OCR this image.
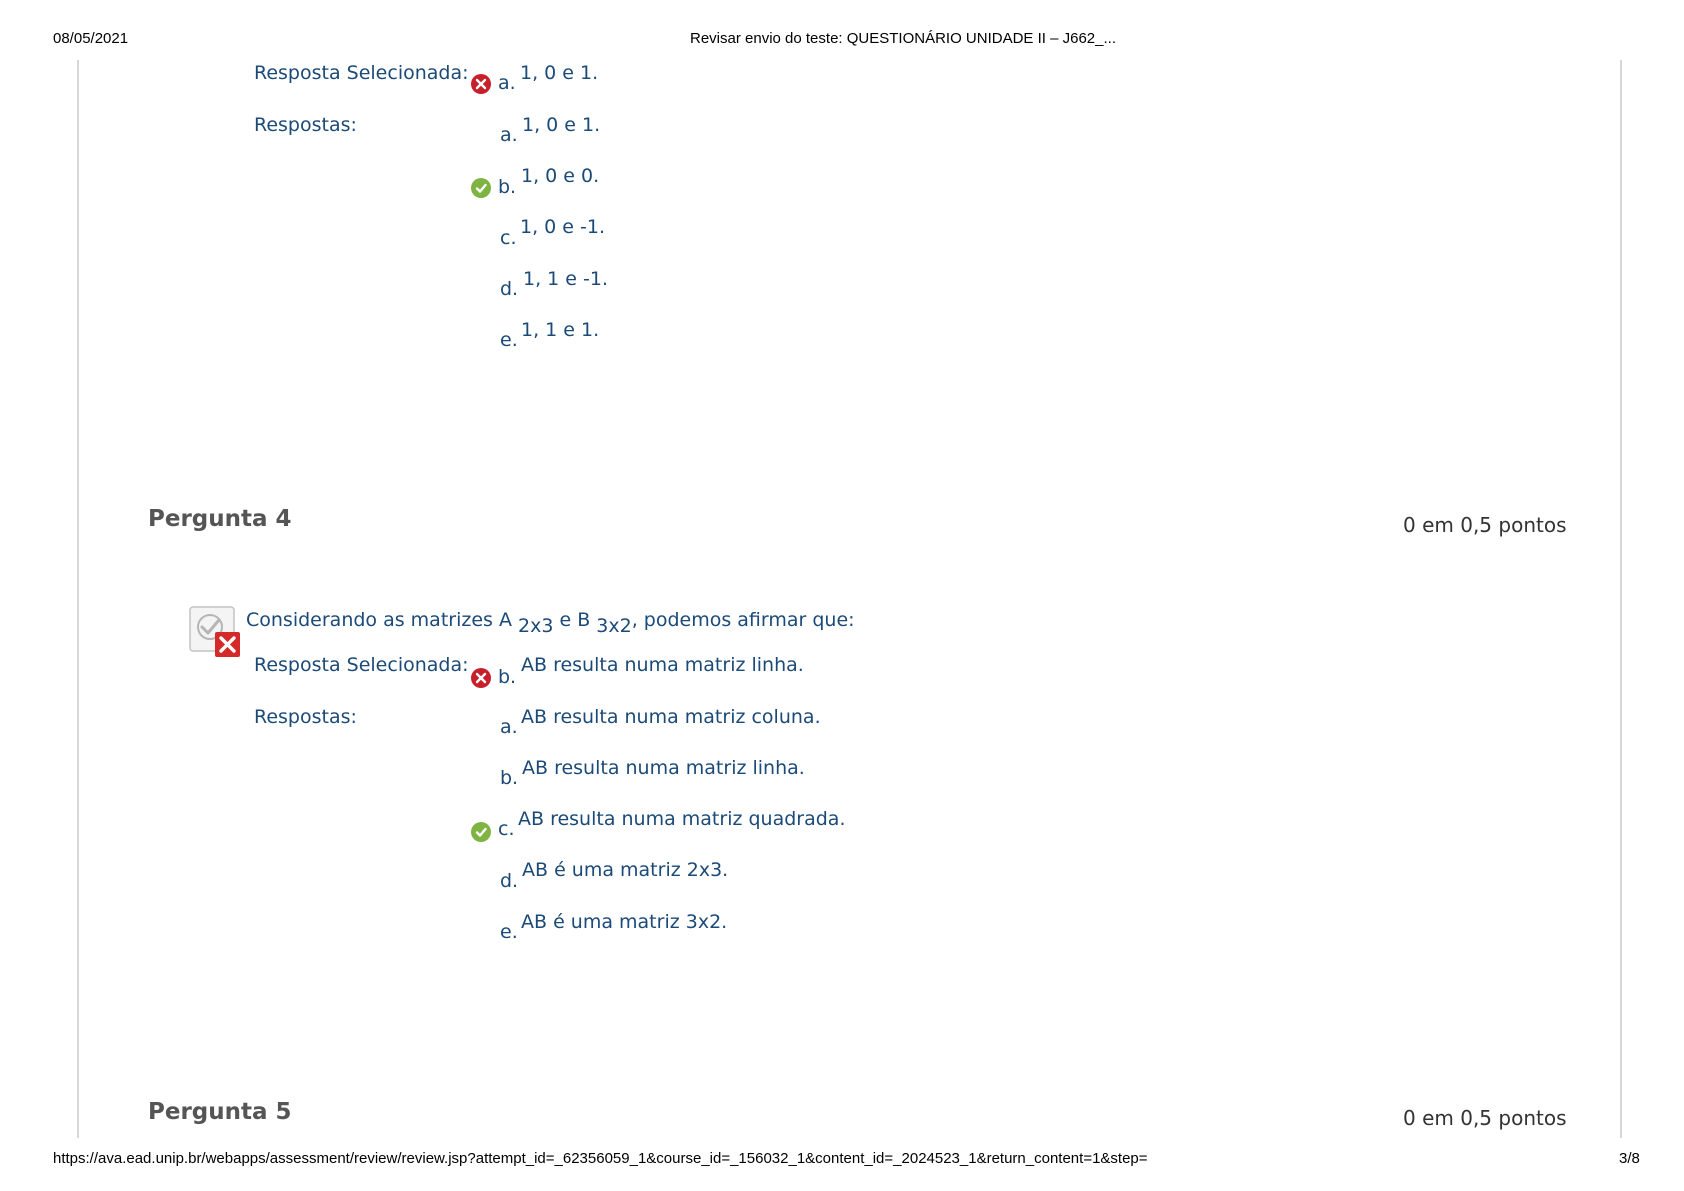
08/05/2021	Revisar envio do teste: QUESTIONÁRIO UNIDADE II – J662_...
Resposta Selecionada: a. 1, 0 e 1.
Respostas:	a. 1, 0 e 1.
b. 1, 0 e 0.
c. 1, 0 e -1.
d. 1, 1 e -1.
e. 1, 1 e 1.
Pergunta 4	0 em 0,5 pontos
Considerando as matrizes A $_{2x3}$ e B $_{3x2}$, podemos afirmar que:
Resposta Selecionada:
b.
AB resulta numa matriz linha.
Respostas:	a. AB resulta numa matriz coluna.
b. AB resulta numa matriz linha.
c. AB resulta numa matriz quadrada.
d. AB é uma matriz 2x3.
e. AB é uma matriz 3x2.
Pergunta 5	0 em 0,5 pontos
https://ava.ead.unip.br/webapps/assessment/review/review.jsp?attempt_id=_62356059_1&course_id=_156032_1&content_id=_2024523_1&return_content=1&step=	3/8
